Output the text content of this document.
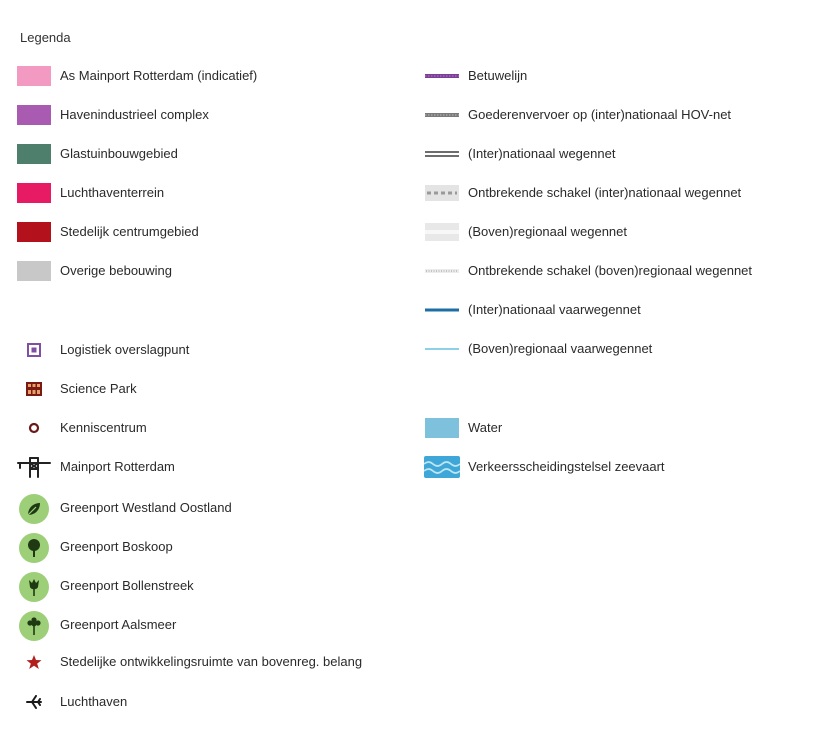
Legenda
As Mainport Rotterdam (indicatief)
Havenindustrieel complex
Glastuinbouwgebied
Luchthaventerrein
Stedelijk centrumgebied
Overige bebouwing
Logistiek overslagpunt
Science Park
Kenniscentrum
Mainport Rotterdam
Greenport Westland Oostland
Greenport Boskoop
Greenport Bollenstreek
Greenport Aalsmeer
Stedelijke ontwikkelingsruimte van bovenreg. belang
Luchthaven
Betuwelijn
Goederenvervoer op (inter)nationaal HOV-net
(Inter)nationaal wegennet
Ontbrekende schakel (inter)nationaal wegennet
(Boven)regionaal wegennet
Ontbrekende schakel (boven)regionaal wegennet
(Inter)nationaal vaarwegennet
(Boven)regionaal vaarwegennet
Water
Verkeersscheidingstelsel zeevaart
